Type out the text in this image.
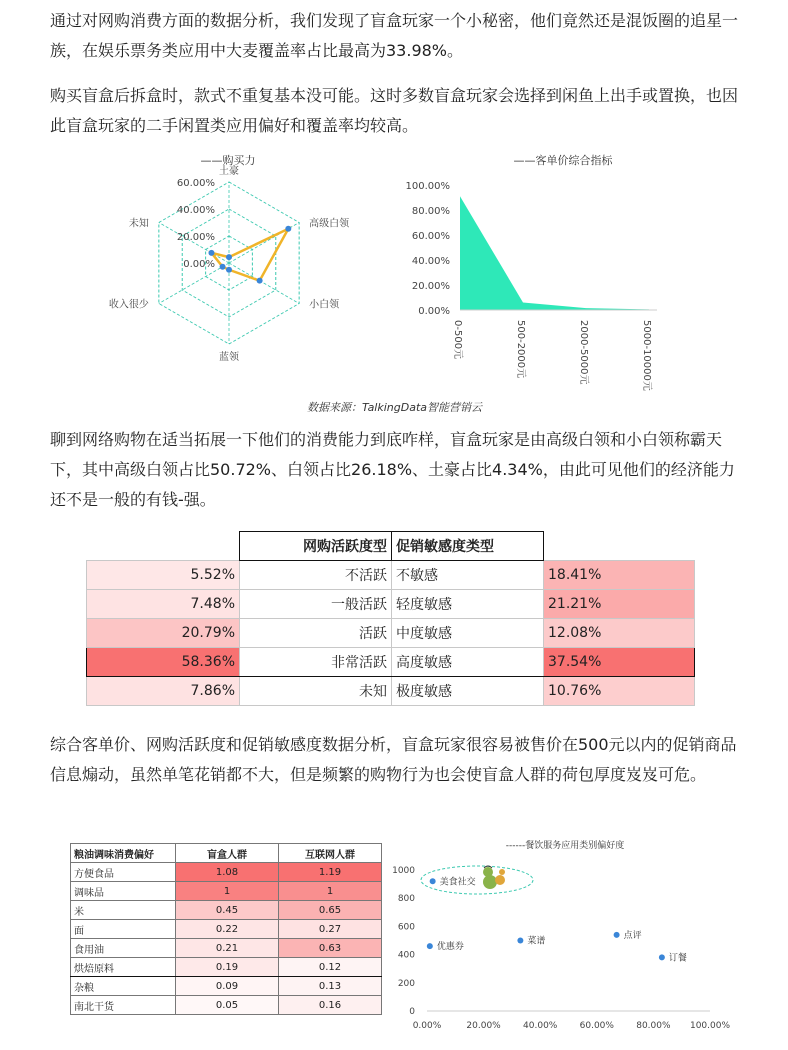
通过对网购消费方面的数据分析，我们发现了盲盒玩家一个小秘密，他们竟然还是混饭圈的追星一族，在娱乐票务类应用中大麦覆盖率占比最高为33.98%。
购买盲盒后拆盒时，款式不重复基本没可能。这时多数盲盒玩家会选择到闲鱼上出手或置换，也因此盲盒玩家的二手闲置类应用偏好和覆盖率均较高。
——购买力
0.00%
20.00%
40.00%
60.00%
土豪
高级白领
小白领
蓝领
收入很少
未知
——客单价综合指标
0.00%
20.00%
40.00%
60.00%
80.00%
100.00%
0-500元	500-2000元	2000-5000元	5000-10000元
数据来源：TalkingData智能营销云
聊到网络购物在适当拓展一下他们的消费能力到底咋样，盲盒玩家是由高级白领和小白领称霸天下，其中高级白领占比50.72%、白领占比26.18%、土豪占比4.34%，由此可见他们的经济能力还不是一般的有钱-强。
	网购活跃度型	促销敏感度类型	
5.52%	不活跃	不敏感	18.41%
7.48%	一般活跃	轻度敏感	21.21%
20.79%	活跃	中度敏感	12.08%
58.36%	非常活跃	高度敏感	37.54%
7.86%	未知	极度敏感	10.76%
综合客单价、网购活跃度和促销敏感度数据分析，盲盒玩家很容易被售价在500元以内的促销商品信息煽动，虽然单笔花销都不大，但是频繁的购物行为也会使盲盒人群的荷包厚度岌岌可危。
粮油调味消费偏好	盲盒人群	互联网人群
方便食品	1.08	1.19
调味品	1	1
米	0.45	0.65
面	0.22	0.27
食用油	0.21	0.63
烘焙原料	0.19	0.12
杂粮	0.09	0.13
南北干货	0.05	0.16
------餐饮服务应用类别偏好度
0
200
400
600
800
1000
0.00%	20.00% 40.00% 60.00% 80.00% 100.00%
美食社交
优惠券
菜谱
点评
订餐
